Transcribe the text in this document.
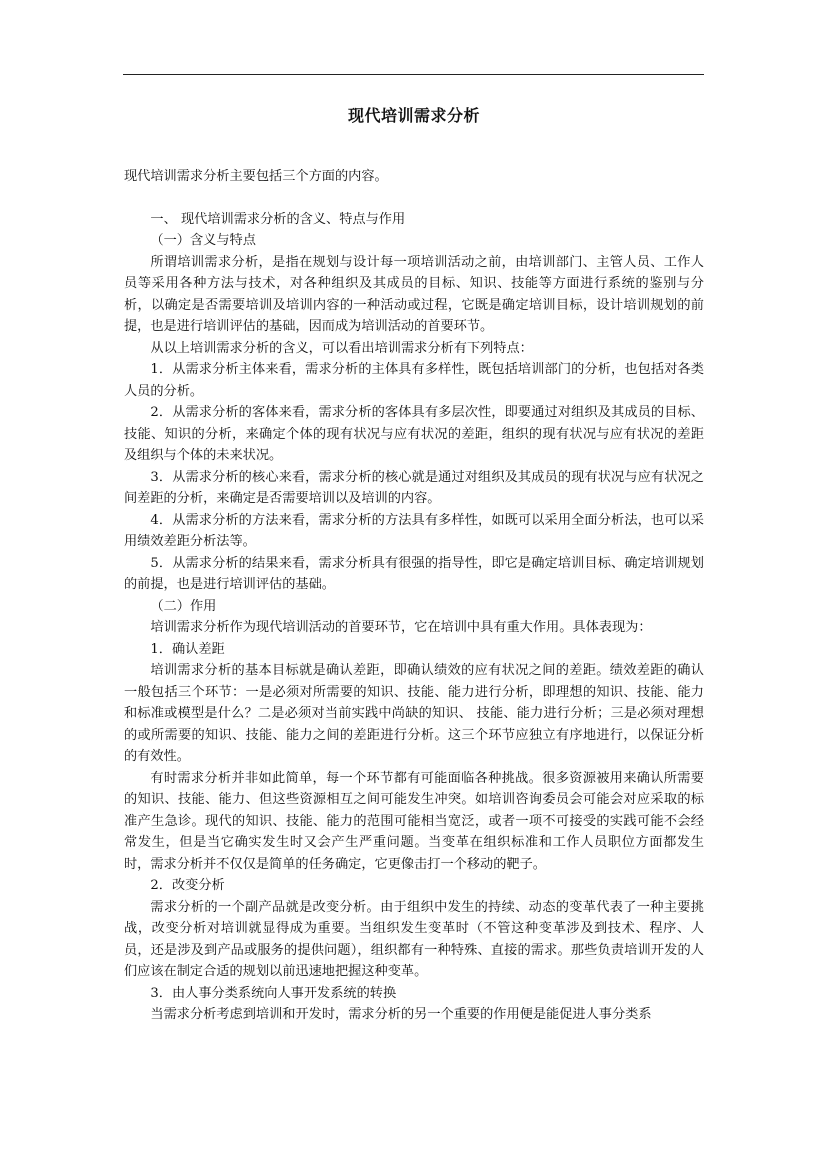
现代培训需求分析

现代培训需求分析主要包括三个方面的内容。

一、 现代培训需求分析的含义、特点与作用

（一）含义与特点

所谓培训需求分析，是指在规划与设计每一项培训活动之前，由培训部门、主管人员、工作人员等采用各种方法与技术，对各种组织及其成员的目标、知识、技能等方面进行系统的鉴别与分析，以确定是否需要培训及培训内容的一种活动或过程，它既是确定培训目标，设计培训规划的前提，也是进行培训评估的基础，因而成为培训活动的首要环节。

从以上培训需求分析的含义，可以看出培训需求分析有下列特点：

1．从需求分析主体来看，需求分析的主体具有多样性，既包括培训部门的分析，也包括对各类人员的分析。

2．从需求分析的客体来看，需求分析的客体具有多层次性，即要通过对组织及其成员的目标、技能、知识的分析，来确定个体的现有状况与应有状况的差距，组织的现有状况与应有状况的差距及组织与个体的未来状况。

3．从需求分析的核心来看，需求分析的核心就是通过对组织及其成员的现有状况与应有状况之间差距的分析，来确定是否需要培训以及培训的内容。

4．从需求分析的方法来看，需求分析的方法具有多样性，如既可以采用全面分析法，也可以采用绩效差距分析法等。

5．从需求分析的结果来看，需求分析具有很强的指导性，即它是确定培训目标、确定培训规划的前提，也是进行培训评估的基础。

（二）作用

培训需求分析作为现代培训活动的首要环节，它在培训中具有重大作用。具体表现为：

1．确认差距

培训需求分析的基本目标就是确认差距，即确认绩效的应有状况之间的差距。绩效差距的确认一般包括三个环节：一是必须对所需要的知识、技能、能力进行分析，即理想的知识、技能、能力和标准或模型是什么？二是必须对当前实践中尚缺的知识、 技能、能力进行分析；三是必须对理想的或所需要的知识、技能、能力之间的差距进行分析。这三个环节应独立有序地进行，以保证分析的有效性。

有时需求分析并非如此简单，每一个环节都有可能面临各种挑战。很多资源被用来确认所需要的知识、技能、能力、但这些资源相互之间可能发生冲突。如培训咨询委员会可能会对应采取的标准产生急诊。现代的知识、技能、能力的范围可能相当宽泛，或者一项不可接受的实践可能不会经常发生，但是当它确实发生时又会产生严重问题。当变革在组织标准和工作人员职位方面都发生时，需求分析并不仅仅是简单的任务确定，它更像击打一个移动的靶子。

2．改变分析

需求分析的一个副产品就是改变分析。由于组织中发生的持续、动态的变革代表了一种主要挑战，改变分析对培训就显得成为重要。当组织发生变革时（不管这种变革涉及到技术、程序、人员，还是涉及到产品或服务的提供问题），组织都有一种特殊、直接的需求。那些负责培训开发的人们应该在制定合适的规划以前迅速地把握这种变革。

3．由人事分类系统向人事开发系统的转换

当需求分析考虑到培训和开发时，需求分析的另一个重要的作用便是能促进人事分类系
